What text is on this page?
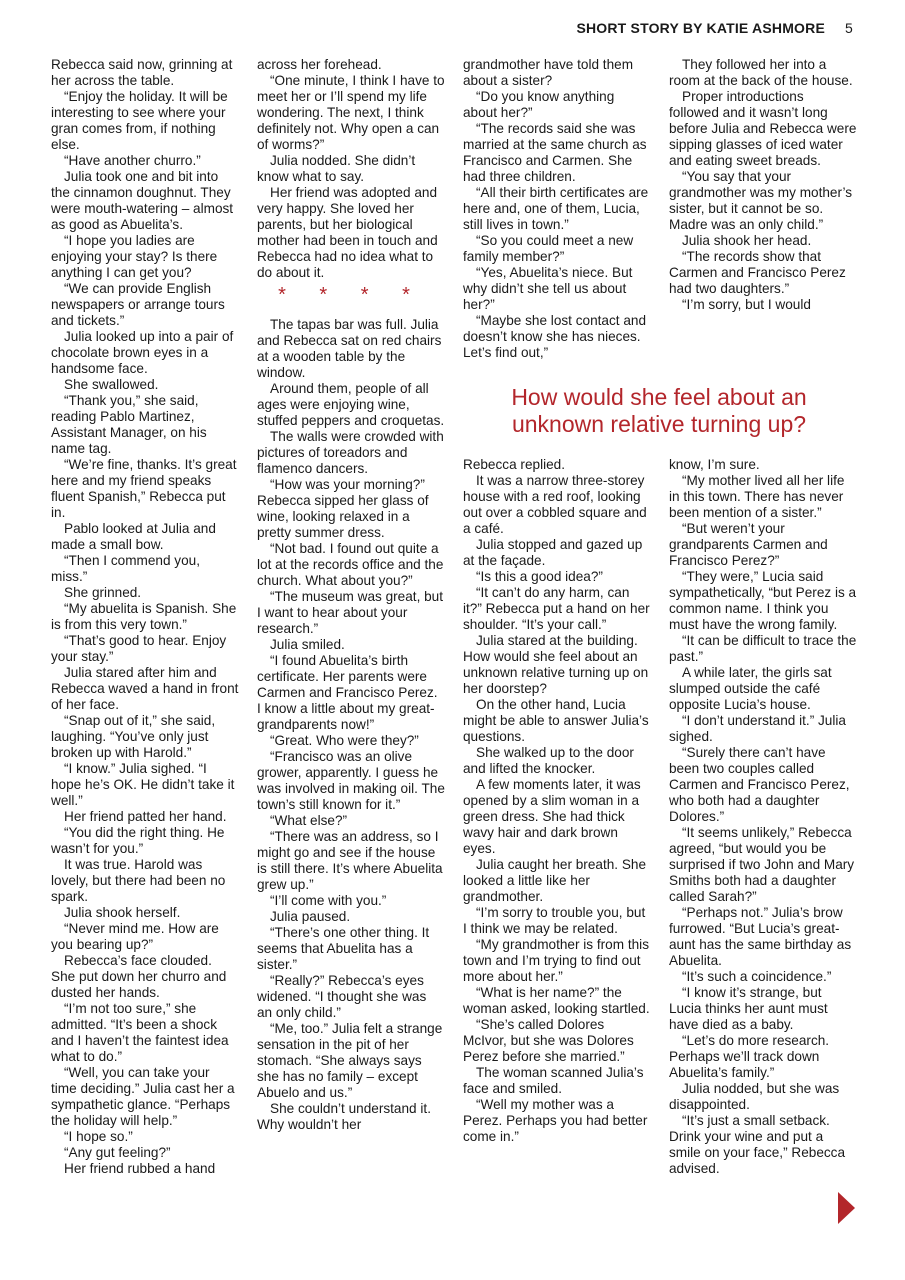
SHORT STORY BY KATIE ASHMORE 5

Rebecca said now, grinning at her across the table.

“Enjoy the holiday. It will be interesting to see where your gran comes from, if nothing else.

“Have another churro.”

Julia took one and bit into the cinnamon doughnut. They were mouth-watering – almost as good as Abuelita’s.

“I hope you ladies are enjoying your stay? Is there anything I can get you?

“We can provide English newspapers or arrange tours and tickets.”

Julia looked up into a pair of chocolate brown eyes in a handsome face.

She swallowed.

“Thank you,” she said, reading Pablo Martinez, Assistant Manager, on his name tag.

“We’re fine, thanks. It’s great here and my friend speaks fluent Spanish,” Rebecca put in.

Pablo looked at Julia and made a small bow.

“Then I commend you, miss.”

She grinned.

“My abuelita is Spanish. She is from this very town.”

“That’s good to hear. Enjoy your stay.”

Julia stared after him and Rebecca waved a hand in front of her face.

“Snap out of it,” she said, laughing. “You’ve only just broken up with Harold.”

“I know.” Julia sighed. “I hope he’s OK. He didn’t take it well.”

Her friend patted her hand.

“You did the right thing. He wasn’t for you.”

It was true. Harold was lovely, but there had been no spark.

Julia shook herself.

“Never mind me. How are you bearing up?”

Rebecca’s face clouded. She put down her churro and dusted her hands.

“I’m not too sure,” she admitted. “It’s been a shock and I haven’t the faintest idea what to do.”

“Well, you can take your time deciding.” Julia cast her a sympathetic glance. “Perhaps the holiday will help.”

“I hope so.”

“Any gut feeling?”

Her friend rubbed a hand

across her forehead.

“One minute, I think I have to meet her or I’ll spend my life wondering. The next, I think definitely not. Why open a can of worms?”

Julia nodded. She didn’t know what to say.

Her friend was adopted and very happy. She loved her parents, but her biological mother had been in touch and Rebecca had no idea what to do about it.

* * * *

The tapas bar was full. Julia and Rebecca sat on red chairs at a wooden table by the window.

Around them, people of all ages were enjoying wine, stuffed peppers and croquetas.

The walls were crowded with pictures of toreadors and flamenco dancers.

“How was your morning?” Rebecca sipped her glass of wine, looking relaxed in a pretty summer dress.

“Not bad. I found out quite a lot at the records office and the church. What about you?”

“The museum was great, but I want to hear about your research.”

Julia smiled.

“I found Abuelita’s birth certificate. Her parents were Carmen and Francisco Perez. I know a little about my great-grandparents now!”

“Great. Who were they?”

“Francisco was an olive grower, apparently. I guess he was involved in making oil. The town’s still known for it.”

“What else?”

“There was an address, so I might go and see if the house is still there. It’s where Abuelita grew up.”

“I’ll come with you.”

Julia paused.

“There’s one other thing. It seems that Abuelita has a sister.”

“Really?” Rebecca’s eyes widened. “I thought she was an only child.”

“Me, too.” Julia felt a strange sensation in the pit of her stomach. “She always says she has no family – except Abuelo and us.”

She couldn’t understand it. Why wouldn’t her

grandmother have told them about a sister?

“Do you know anything about her?”

“The records said she was married at the same church as Francisco and Carmen. She had three children.

“All their birth certificates are here and, one of them, Lucia, still lives in town.”

“So you could meet a new family member?”

“Yes, Abuelita’s niece. But why didn’t she tell us about her?”

“Maybe she lost contact and doesn’t know she has nieces. Let’s find out,”

They followed her into a room at the back of the house.

Proper introductions followed and it wasn’t long before Julia and Rebecca were sipping glasses of iced water and eating sweet breads.

“You say that your grandmother was my mother’s sister, but it cannot be so. Madre was an only child.”

Julia shook her head.

“The records show that Carmen and Francisco Perez had two daughters.”

“I’m sorry, but I would

How would she feel about an unknown relative turning up?

Rebecca replied.

It was a narrow three-storey house with a red roof, looking out over a cobbled square and a café.

Julia stopped and gazed up at the façade.

“Is this a good idea?”

“It can’t do any harm, can it?” Rebecca put a hand on her shoulder. “It’s your call.”

Julia stared at the building. How would she feel about an unknown relative turning up on her doorstep?

On the other hand, Lucia might be able to answer Julia’s questions.

She walked up to the door and lifted the knocker.

A few moments later, it was opened by a slim woman in a green dress. She had thick wavy hair and dark brown eyes.

Julia caught her breath. She looked a little like her grandmother.

“I’m sorry to trouble you, but I think we may be related.

“My grandmother is from this town and I’m trying to find out more about her.”

“What is her name?” the woman asked, looking startled.

“She’s called Dolores McIvor, but she was Dolores Perez before she married.”

The woman scanned Julia’s face and smiled.

“Well my mother was a Perez. Perhaps you had better come in.”

know, I’m sure.

“My mother lived all her life in this town. There has never been mention of a sister.”

“But weren’t your grandparents Carmen and Francisco Perez?”

“They were,” Lucia said sympathetically, “but Perez is a common name. I think you must have the wrong family.

“It can be difficult to trace the past.”

A while later, the girls sat slumped outside the café opposite Lucia’s house.

“I don’t understand it.” Julia sighed.

“Surely there can’t have been two couples called Carmen and Francisco Perez, who both had a daughter Dolores.”

“It seems unlikely,” Rebecca agreed, “but would you be surprised if two John and Mary Smiths both had a daughter called Sarah?”

“Perhaps not.” Julia’s brow furrowed. “But Lucia’s great-aunt has the same birthday as Abuelita.

“It’s such a coincidence.”

“I know it’s strange, but Lucia thinks her aunt must have died as a baby.

“Let’s do more research. Perhaps we’ll track down Abuelita’s family.”

Julia nodded, but she was disappointed.

“It’s just a small setback. Drink your wine and put a smile on your face,” Rebecca advised.
